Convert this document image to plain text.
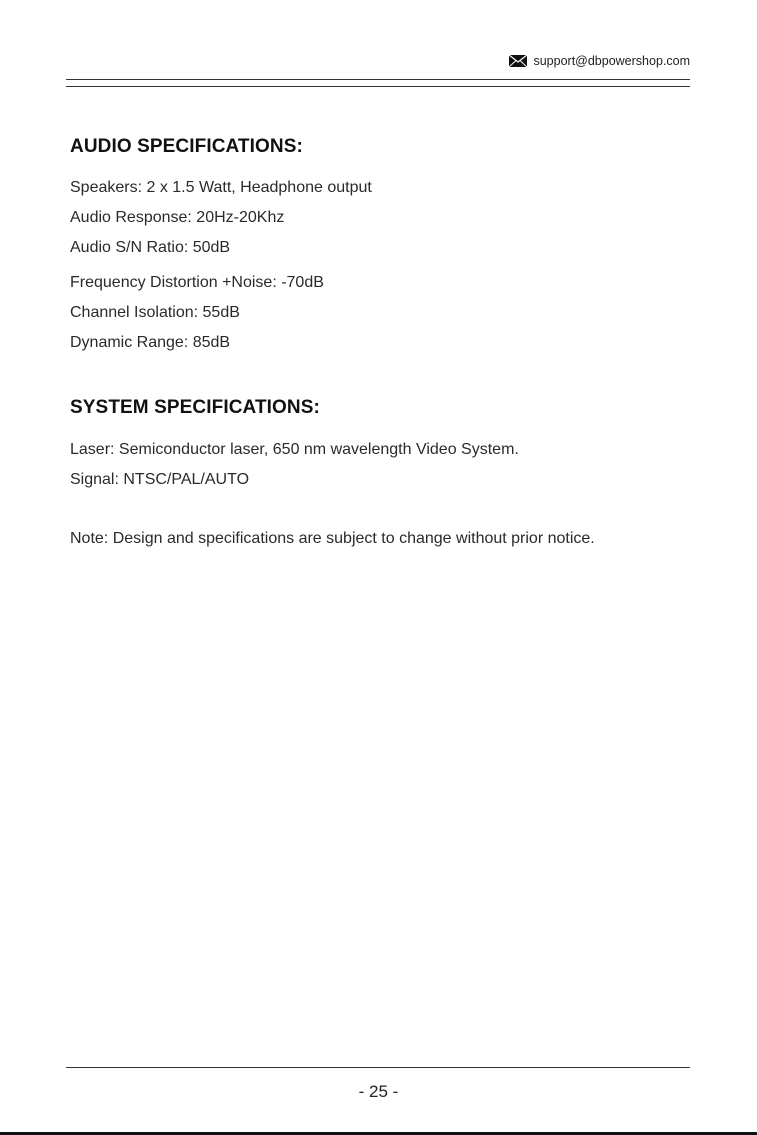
support@dbpowershop.com
AUDIO SPECIFICATIONS:
Speakers: 2 x 1.5 Watt, Headphone output
Audio Response: 20Hz-20Khz
Audio S/N Ratio: 50dB
Frequency Distortion +Noise: -70dB
Channel Isolation: 55dB
Dynamic Range: 85dB
SYSTEM SPECIFICATIONS:
Laser: Semiconductor laser, 650 nm wavelength Video System.
Signal: NTSC/PAL/AUTO
Note: Design and specifications are subject to change without prior notice.
- 25 -
